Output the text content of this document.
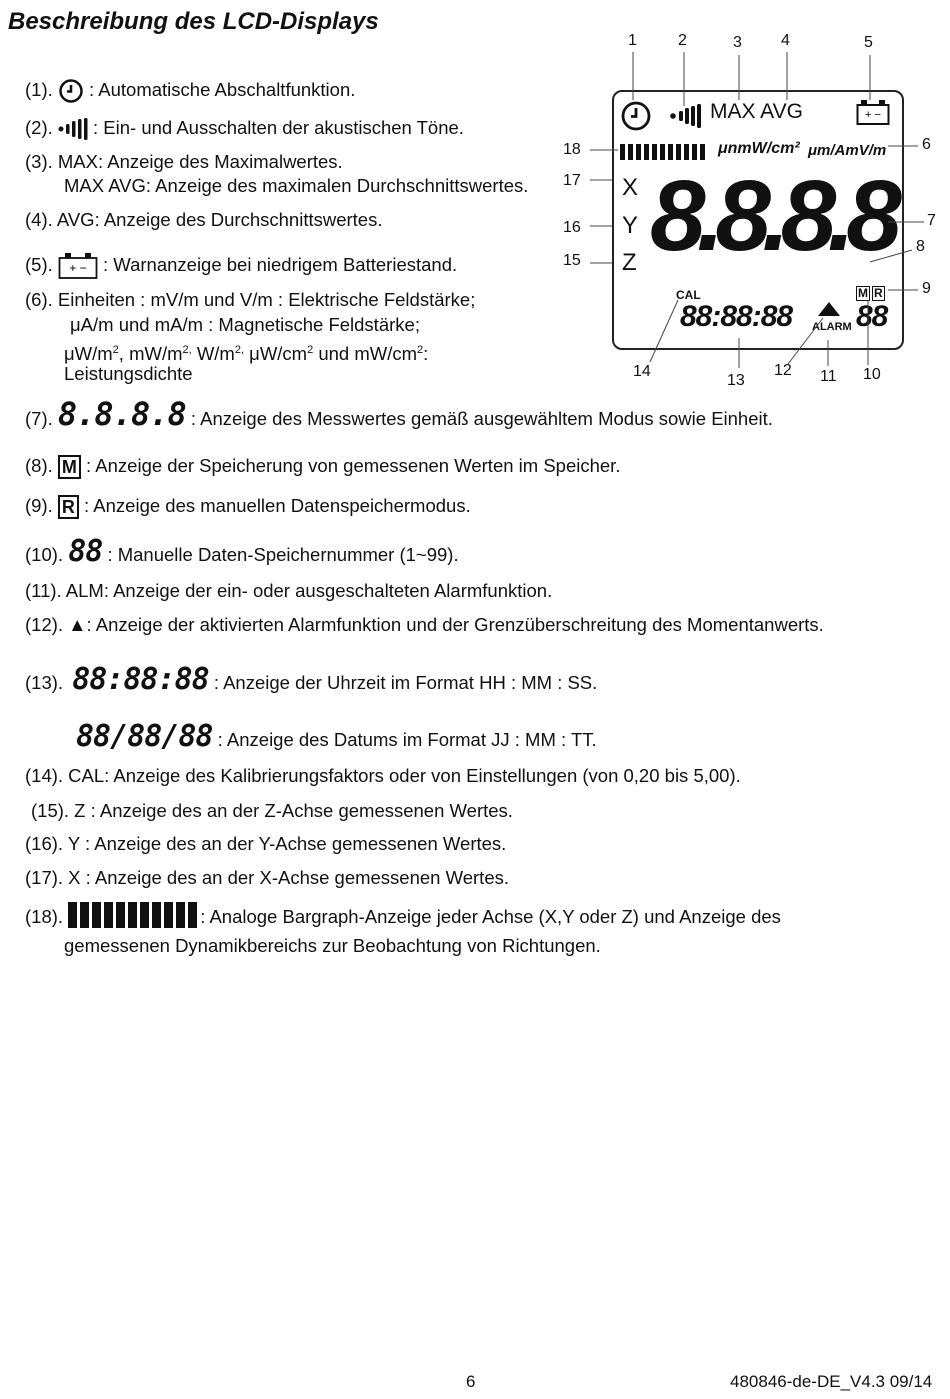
Beschreibung des LCD-Displays
(1). : Automatische Abschaltfunktion.
(2). : Ein- und Ausschalten der akustischen Töne.
(3). MAX: Anzeige des Maximalwertes.
MAX AVG: Anzeige des maximalen Durchschnittswertes.
(4). AVG: Anzeige des Durchschnittswertes.
(5). + − : Warnanzeige bei niedrigem Batteriestand.
(6). Einheiten : mV/m und V/m : Elektrische Feldstärke;
μA/m und mA/m : Magnetische Feldstärke;
$\mu W/m^2$, $mW/m^{2,}$ $W/m^{2,}$ $\mu W/cm^2$ und $mW/cm^2$:
Leistungsdichte
(7). 8.8.8.8 : Anzeige des Messwertes gemäß ausgewähltem Modus sowie Einheit.
(8). M : Anzeige der Speicherung von gemessenen Werten im Speicher.
(9). R : Anzeige des manuellen Datenspeichermodus.
(10). 88 : Manuelle Daten-Speichernummer (1~99).
(11). ALM: Anzeige der ein- oder ausgeschalteten Alarmfunktion.
(12). ▲: Anzeige der aktivierten Alarmfunktion und der Grenzüberschreitung des Momentanwerts.
(13). 88:88:88 : Anzeige der Uhrzeit im Format HH : MM : SS.
88/88/88 : Anzeige des Datums im Format JJ : MM : TT.
(14). CAL: Anzeige des Kalibrierungsfaktors oder von Einstellungen (von 0,20 bis 5,00).
(15). Z : Anzeige des an der Z-Achse gemessenen Wertes.
(16). Y : Anzeige des an der Y-Achse gemessenen Wertes.
(17). X : Anzeige des an der X-Achse gemessenen Wertes.
(18).	: Analoge Bargraph-Anzeige jeder Achse (X,Y oder Z) und Anzeige des
gemessenen Dynamikbereichs zur Beobachtung von Richtungen.
MAX AVG	+ −
μnmW/cm² μm/AmV/m
X
Y
Z 8.8.8.8
CAL
88:88:88 ALARM
M R
88
1	2	3 4	5
6
7
8
9
10
11
12
13
14
15
16
17
18
6	480846-de-DE_V4.3 09/14
